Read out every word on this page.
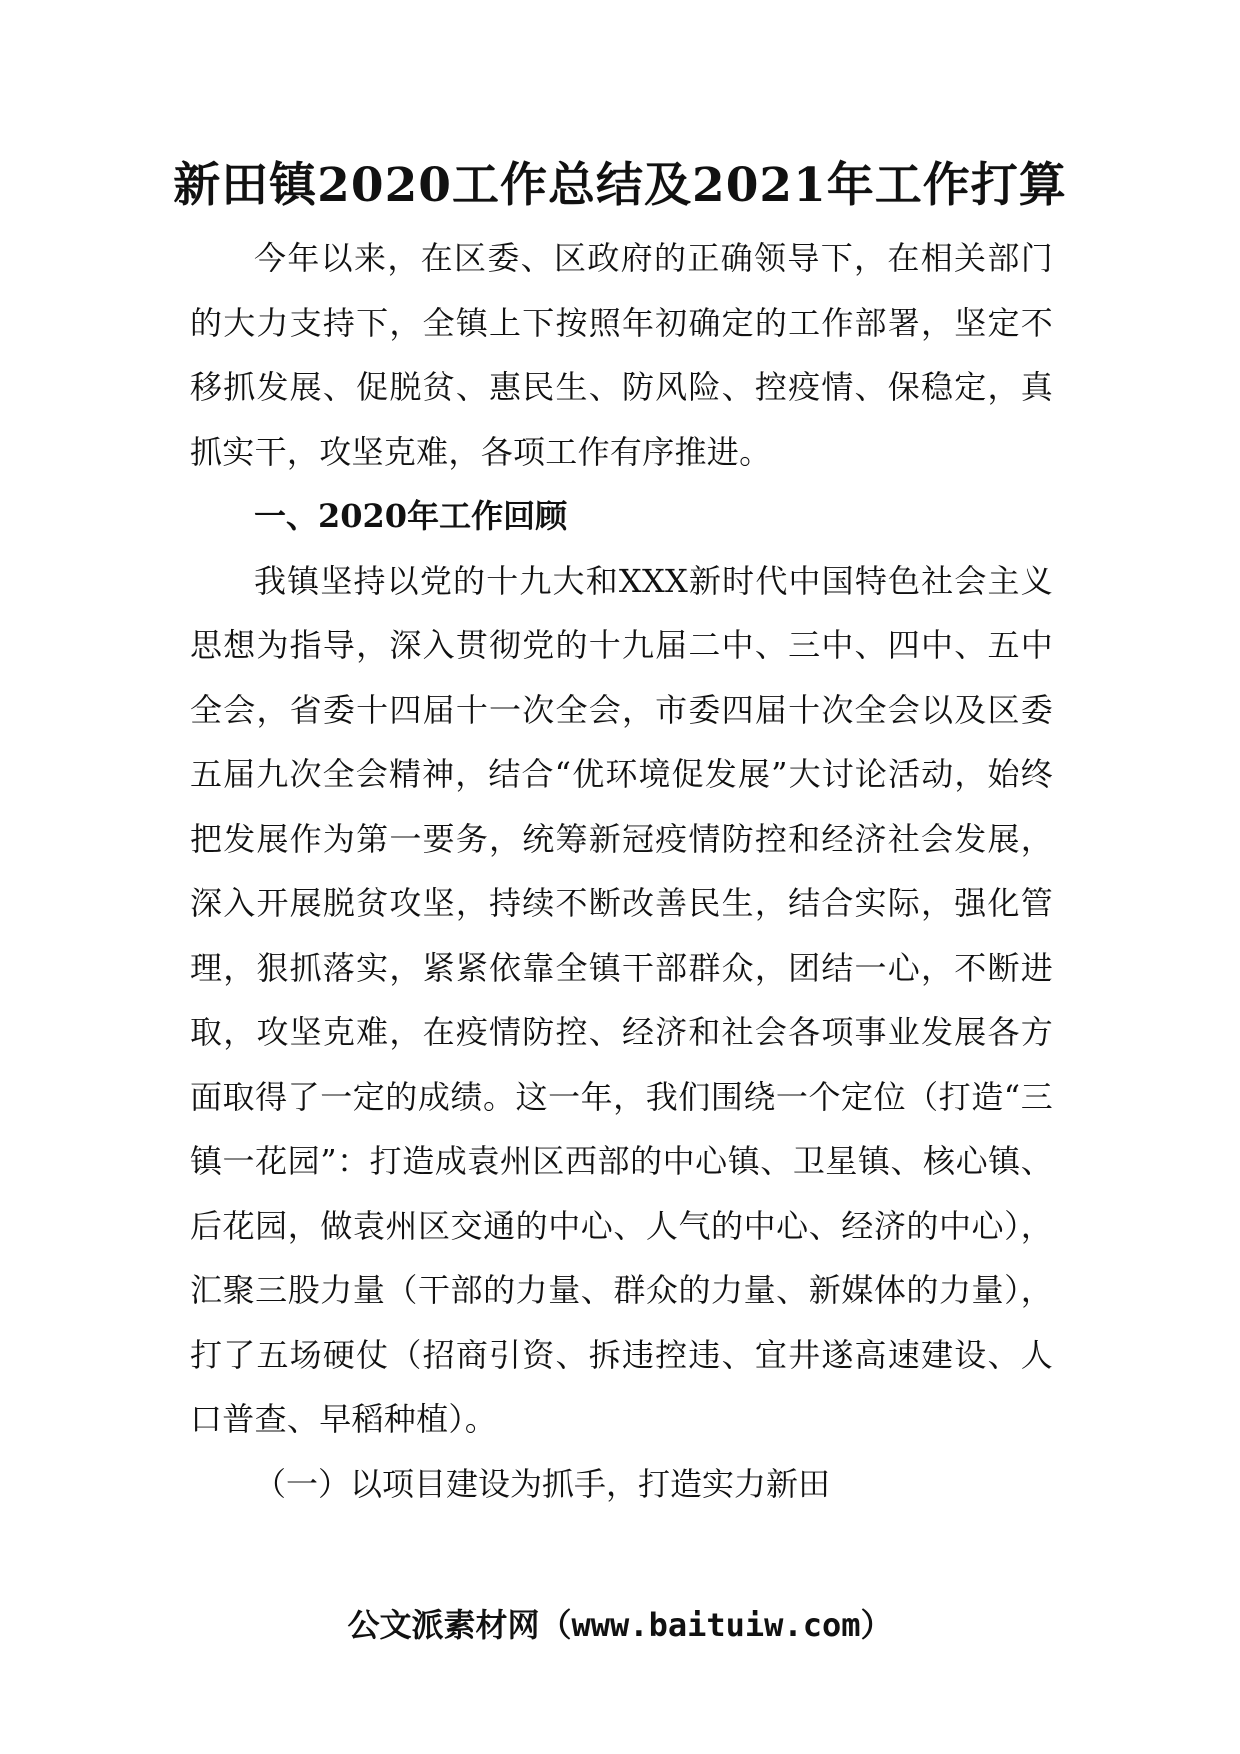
新田镇2020工作总结及2021年工作打算

今年以来，在区委、区政府的正确领导下，在相关部门的大力支持下，全镇上下按照年初确定的工作部署，坚定不移抓发展、促脱贫、惠民生、防风险、控疫情、保稳定，真抓实干，攻坚克难，各项工作有序推进。

一、2020年工作回顾

我镇坚持以党的十九大和XXX新时代中国特色社会主义思想为指导，深入贯彻党的十九届二中、三中、四中、五中全会，省委十四届十一次全会，市委四届十次全会以及区委五届九次全会精神，结合“优环境促发展”大讨论活动，始终把发展作为第一要务，统筹新冠疫情防控和经济社会发展，深入开展脱贫攻坚，持续不断改善民生，结合实际，强化管理，狠抓落实，紧紧依靠全镇干部群众，团结一心，不断进取，攻坚克难，在疫情防控、经济和社会各项事业发展各方面取得了一定的成绩。这一年，我们围绕一个定位（打造“三镇一花园”：打造成袁州区西部的中心镇、卫星镇、核心镇、后花园，做袁州区交通的中心、人气的中心、经济的中心），汇聚三股力量（干部的力量、群众的力量、新媒体的力量），打了五场硬仗（招商引资、拆违控违、宜井遂高速建设、人口普查、早稻种植）。

（一）以项目建设为抓手，打造实力新田

公文派素材网（www.baituiw.com）
